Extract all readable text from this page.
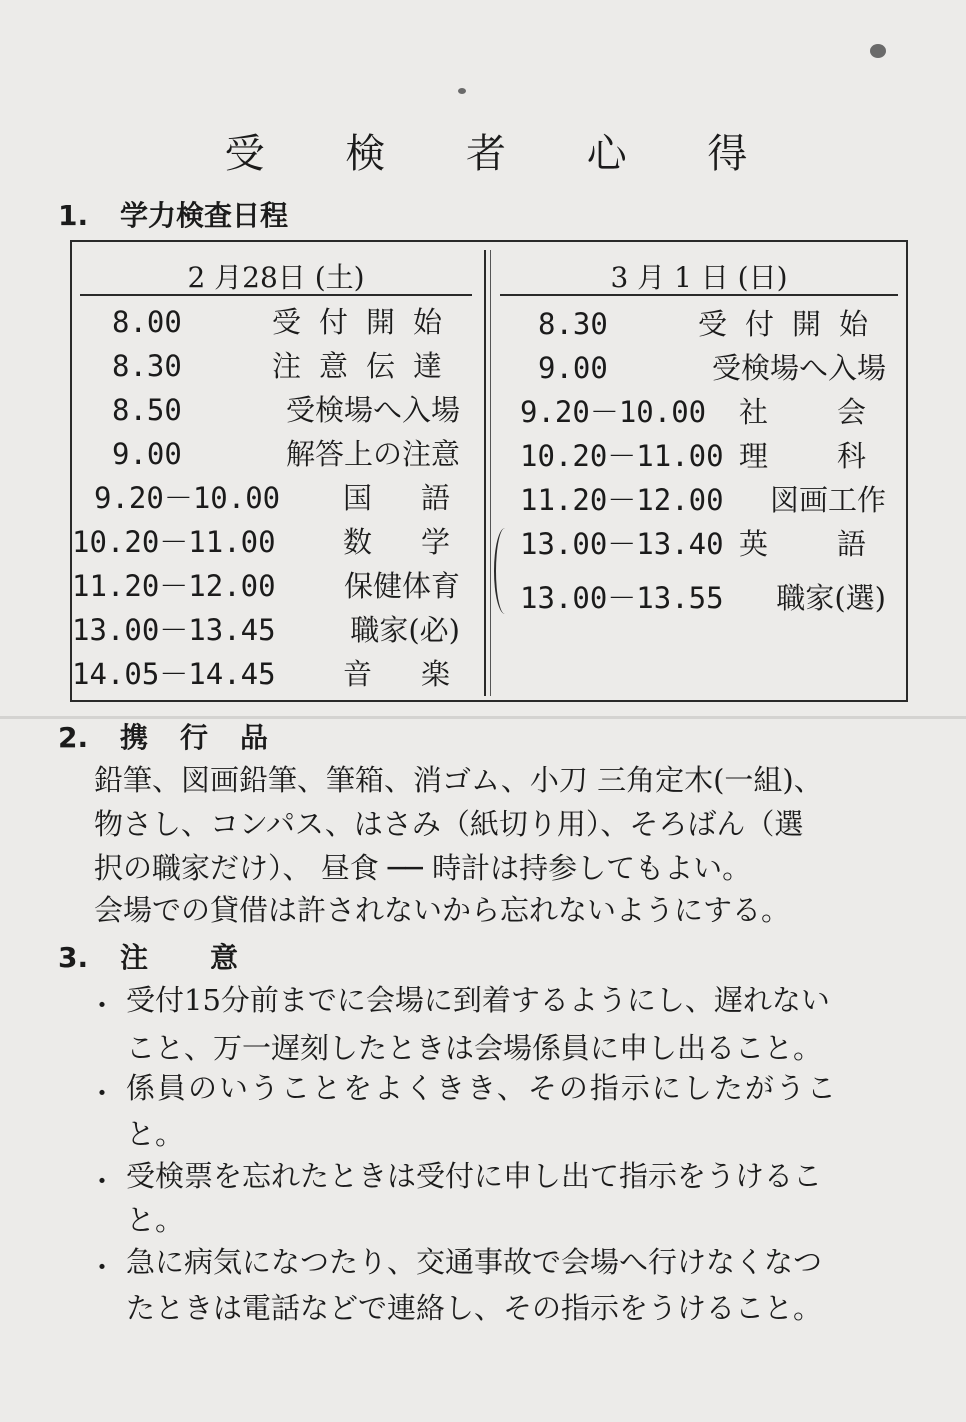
受 検 者 心 得
1. 学力検査日程
2 月28日 (土)	3 月 1 日 (日)
8.00	受付開始
8.30	注意伝達
8.50	受検場へ入場
9.00	解答上の注意
9.20－10.00 国　語
10.20－11.00 数　学
11.20－12.00 保健体育
13.00－13.45	職家(必)
14.05－14.45 音　楽
8.30	受付開始
9.00	受検場へ入場
9.20－10.00 社　会
10.20－11.00 理　科
11.20－12.00 図画工作
13.00－13.40 英　語
13.00－13.55 職家(選)
2. 携行品
鉛筆、図画鉛筆、筆箱、消ゴム、小刀 三角定木(一組)、
物さし、コンパス、はさみ（紙切り用）、そろばん（選
択の職家だけ）、 昼食 ── 時計は持参してもよい。
会場での貸借は許されないから忘れないようにする。
3. 注意
・ 受付15分前までに会場に到着するようにし、遅れない
こと、万一遅刻したときは会場係員に申し出ること。
・ 係員のいうことをよくきき、その指示にしたがうこ
と。
・ 受検票を忘れたときは受付に申し出て指示をうけるこ
と。
・ 急に病気になつたり、交通事故で会場へ行けなくなつ
たときは電話などで連絡し、その指示をうけること。
